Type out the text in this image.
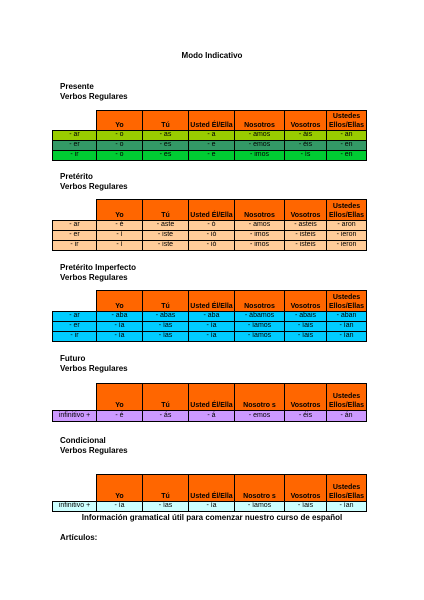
Modo Indicativo
Presente
Verbos Regulares
	Yo	Tú	Usted Él/Ella	Nosotros	Vosotros	Ustedes Ellos/Ellas
- ar	- o	- as	- a	- amos	- áis	- an
- er	- o	- es	- e	- emos	- éis	- en
- ir	- o	- es	- e	- imos	- ís	- en
Pretérito
Verbos Regulares
	Yo	Tú	Usted Él/Ella	Nosotros	Vosotros	Ustedes Ellos/Ellas
- ar	- é	- aste	- ó	- amos	- asteis	- aron
- er	- í	- iste	- ió	- imos	- isteis	- ieron
- ir	- í	- iste	- ió	- imos	- isteis	- ieron
Pretérito Imperfecto
Verbos Regulares
	Yo	Tú	Usted Él/Ella	Nosotros	Vosotros	Ustedes Ellos/Ellas
- ar	- aba	- abas	- aba	- ábamos	- abais	- aban
- er	- ía	- ías	- ía	- íamos	- íais	- ían
- ir	- ía	- ías	- ía	- íamos	- íais	- ían
Futuro
Verbos Regulares
	Yo	Tú	Usted Él/Ella	Nosotro s	Vosotros	Ustedes Ellos/Ellas
infinitivo +	- é	- ás	- á	- emos	- éis	- án
Condicional
Verbos Regulares
	Yo	Tú	Usted Él/Ella	Nosotro s	Vosotros	Ustedes Ellos/Ellas
infinitivo +	- ía	- ías	- ía	- íamos	- íais	- ían
Información gramatical útil para comenzar nuestro curso de español
Artículos:
